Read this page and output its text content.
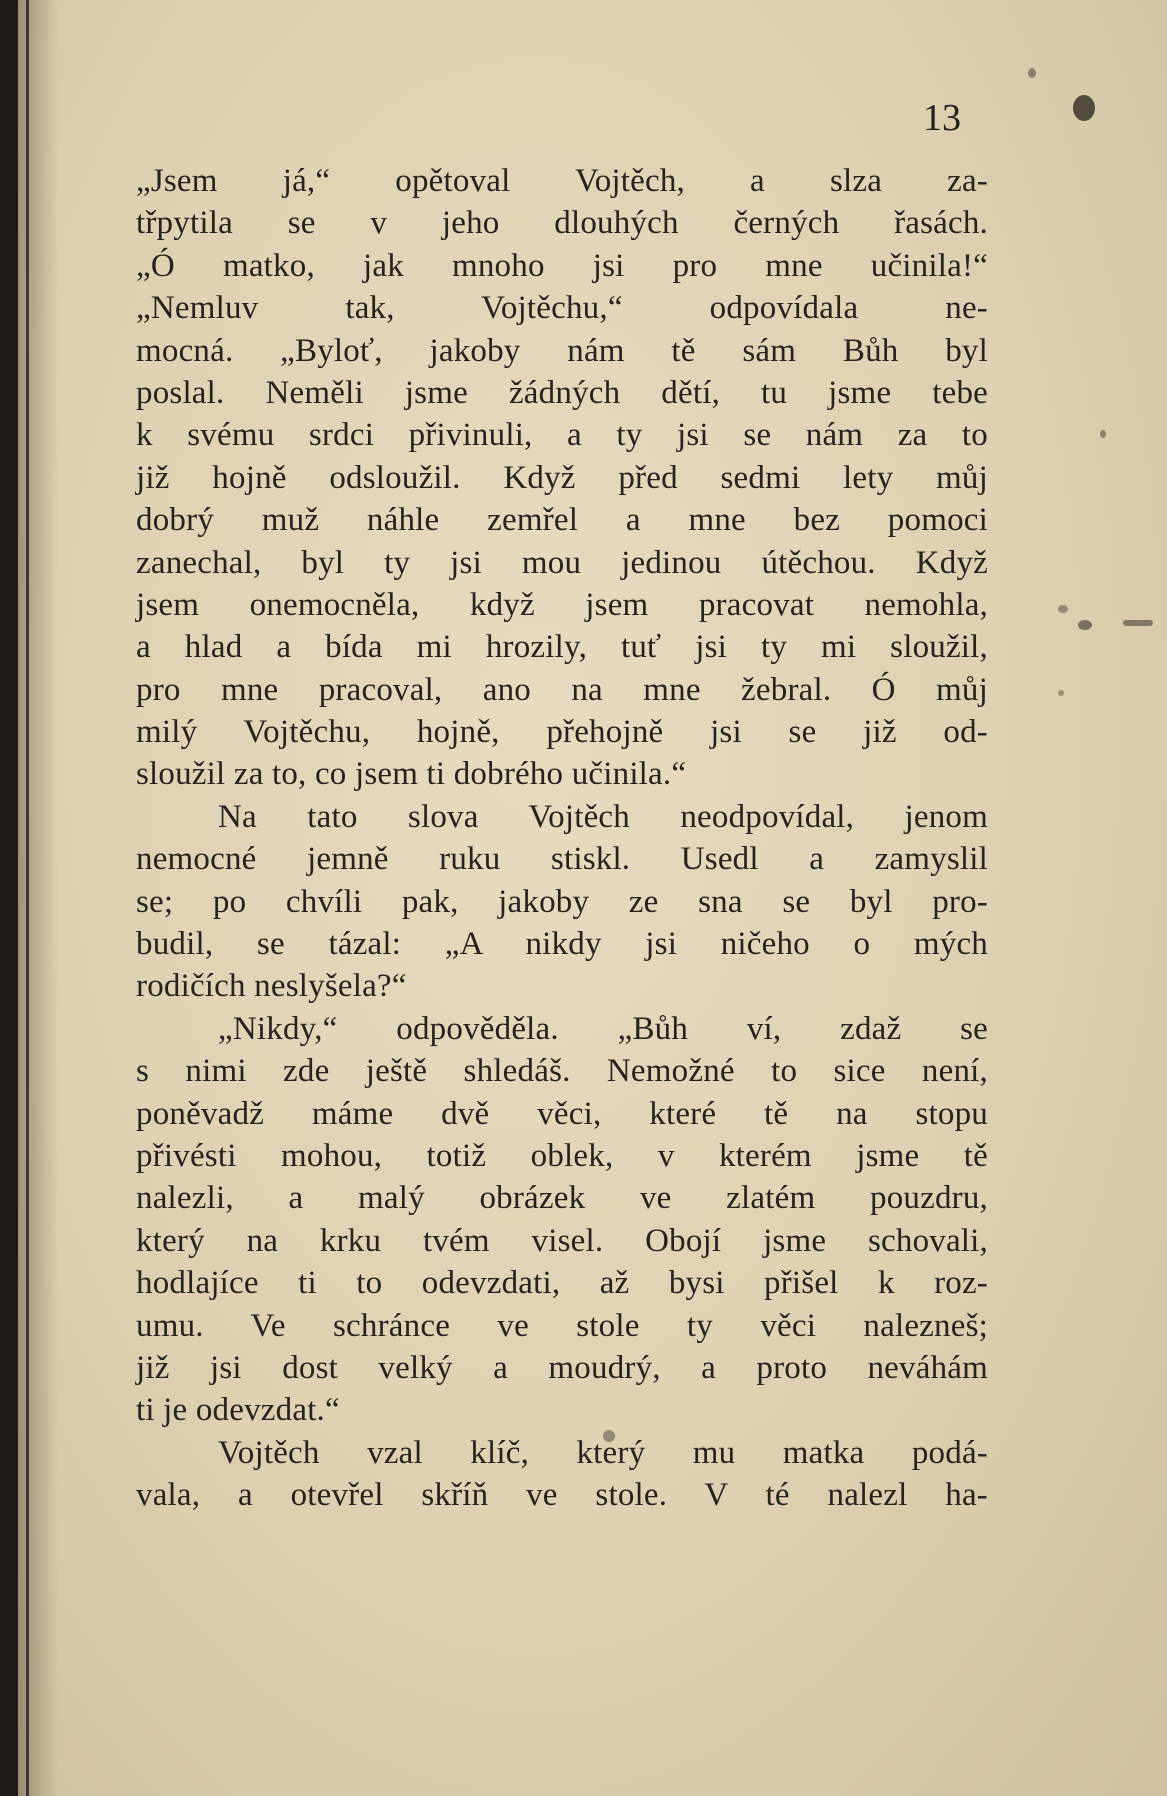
13
„Jsem já,“ opětoval Vojtěch, a slza za-
třpytila se v jeho dlouhých černých řasách.
„Ó matko, jak mnoho jsi pro mne učinila!“
„Nemluv tak, Vojtěchu,“ odpovídala ne-
mocná. „Byloť, jakoby nám tě sám Bůh byl
poslal. Neměli jsme žádných dětí, tu jsme tebe
k svému srdci přivinuli, a ty jsi se nám za to
již hojně odsloužil. Když před sedmi lety můj
dobrý muž náhle zemřel a mne bez pomoci
zanechal, byl ty jsi mou jedinou útěchou. Když
jsem onemocněla, když jsem pracovat nemohla,
a hlad a bída mi hrozily, tuť jsi ty mi sloužil,
pro mne pracoval, ano na mne žebral. Ó můj
milý Vojtěchu, hojně, přehojně jsi se již od-
sloužil za to, co jsem ti dobrého učinila.“
Na tato slova Vojtěch neodpovídal, jenom
nemocné jemně ruku stiskl. Usedl a zamyslil
se; po chvíli pak, jakoby ze sna se byl pro-
budil, se tázal: „A nikdy jsi ničeho o mých
rodičích neslyšela?“
„Nikdy,“ odpověděla. „Bůh ví, zdaž se
s nimi zde ještě shledáš. Nemožné to sice není,
poněvadž máme dvě věci, které tě na stopu
přivésti mohou, totiž oblek, v kterém jsme tě
nalezli, a malý obrázek ve zlatém pouzdru,
který na krku tvém visel. Obojí jsme schovali,
hodlajíce ti to odevzdati, až bysi přišel k roz-
umu. Ve schránce ve stole ty věci nalezneš;
již jsi dost velký a moudrý, a proto neváhám
ti je odevzdat.“
Vojtěch vzal klíč, který mu matka podá-
vala, a otevřel skříň ve stole. V té nalezl ha-
